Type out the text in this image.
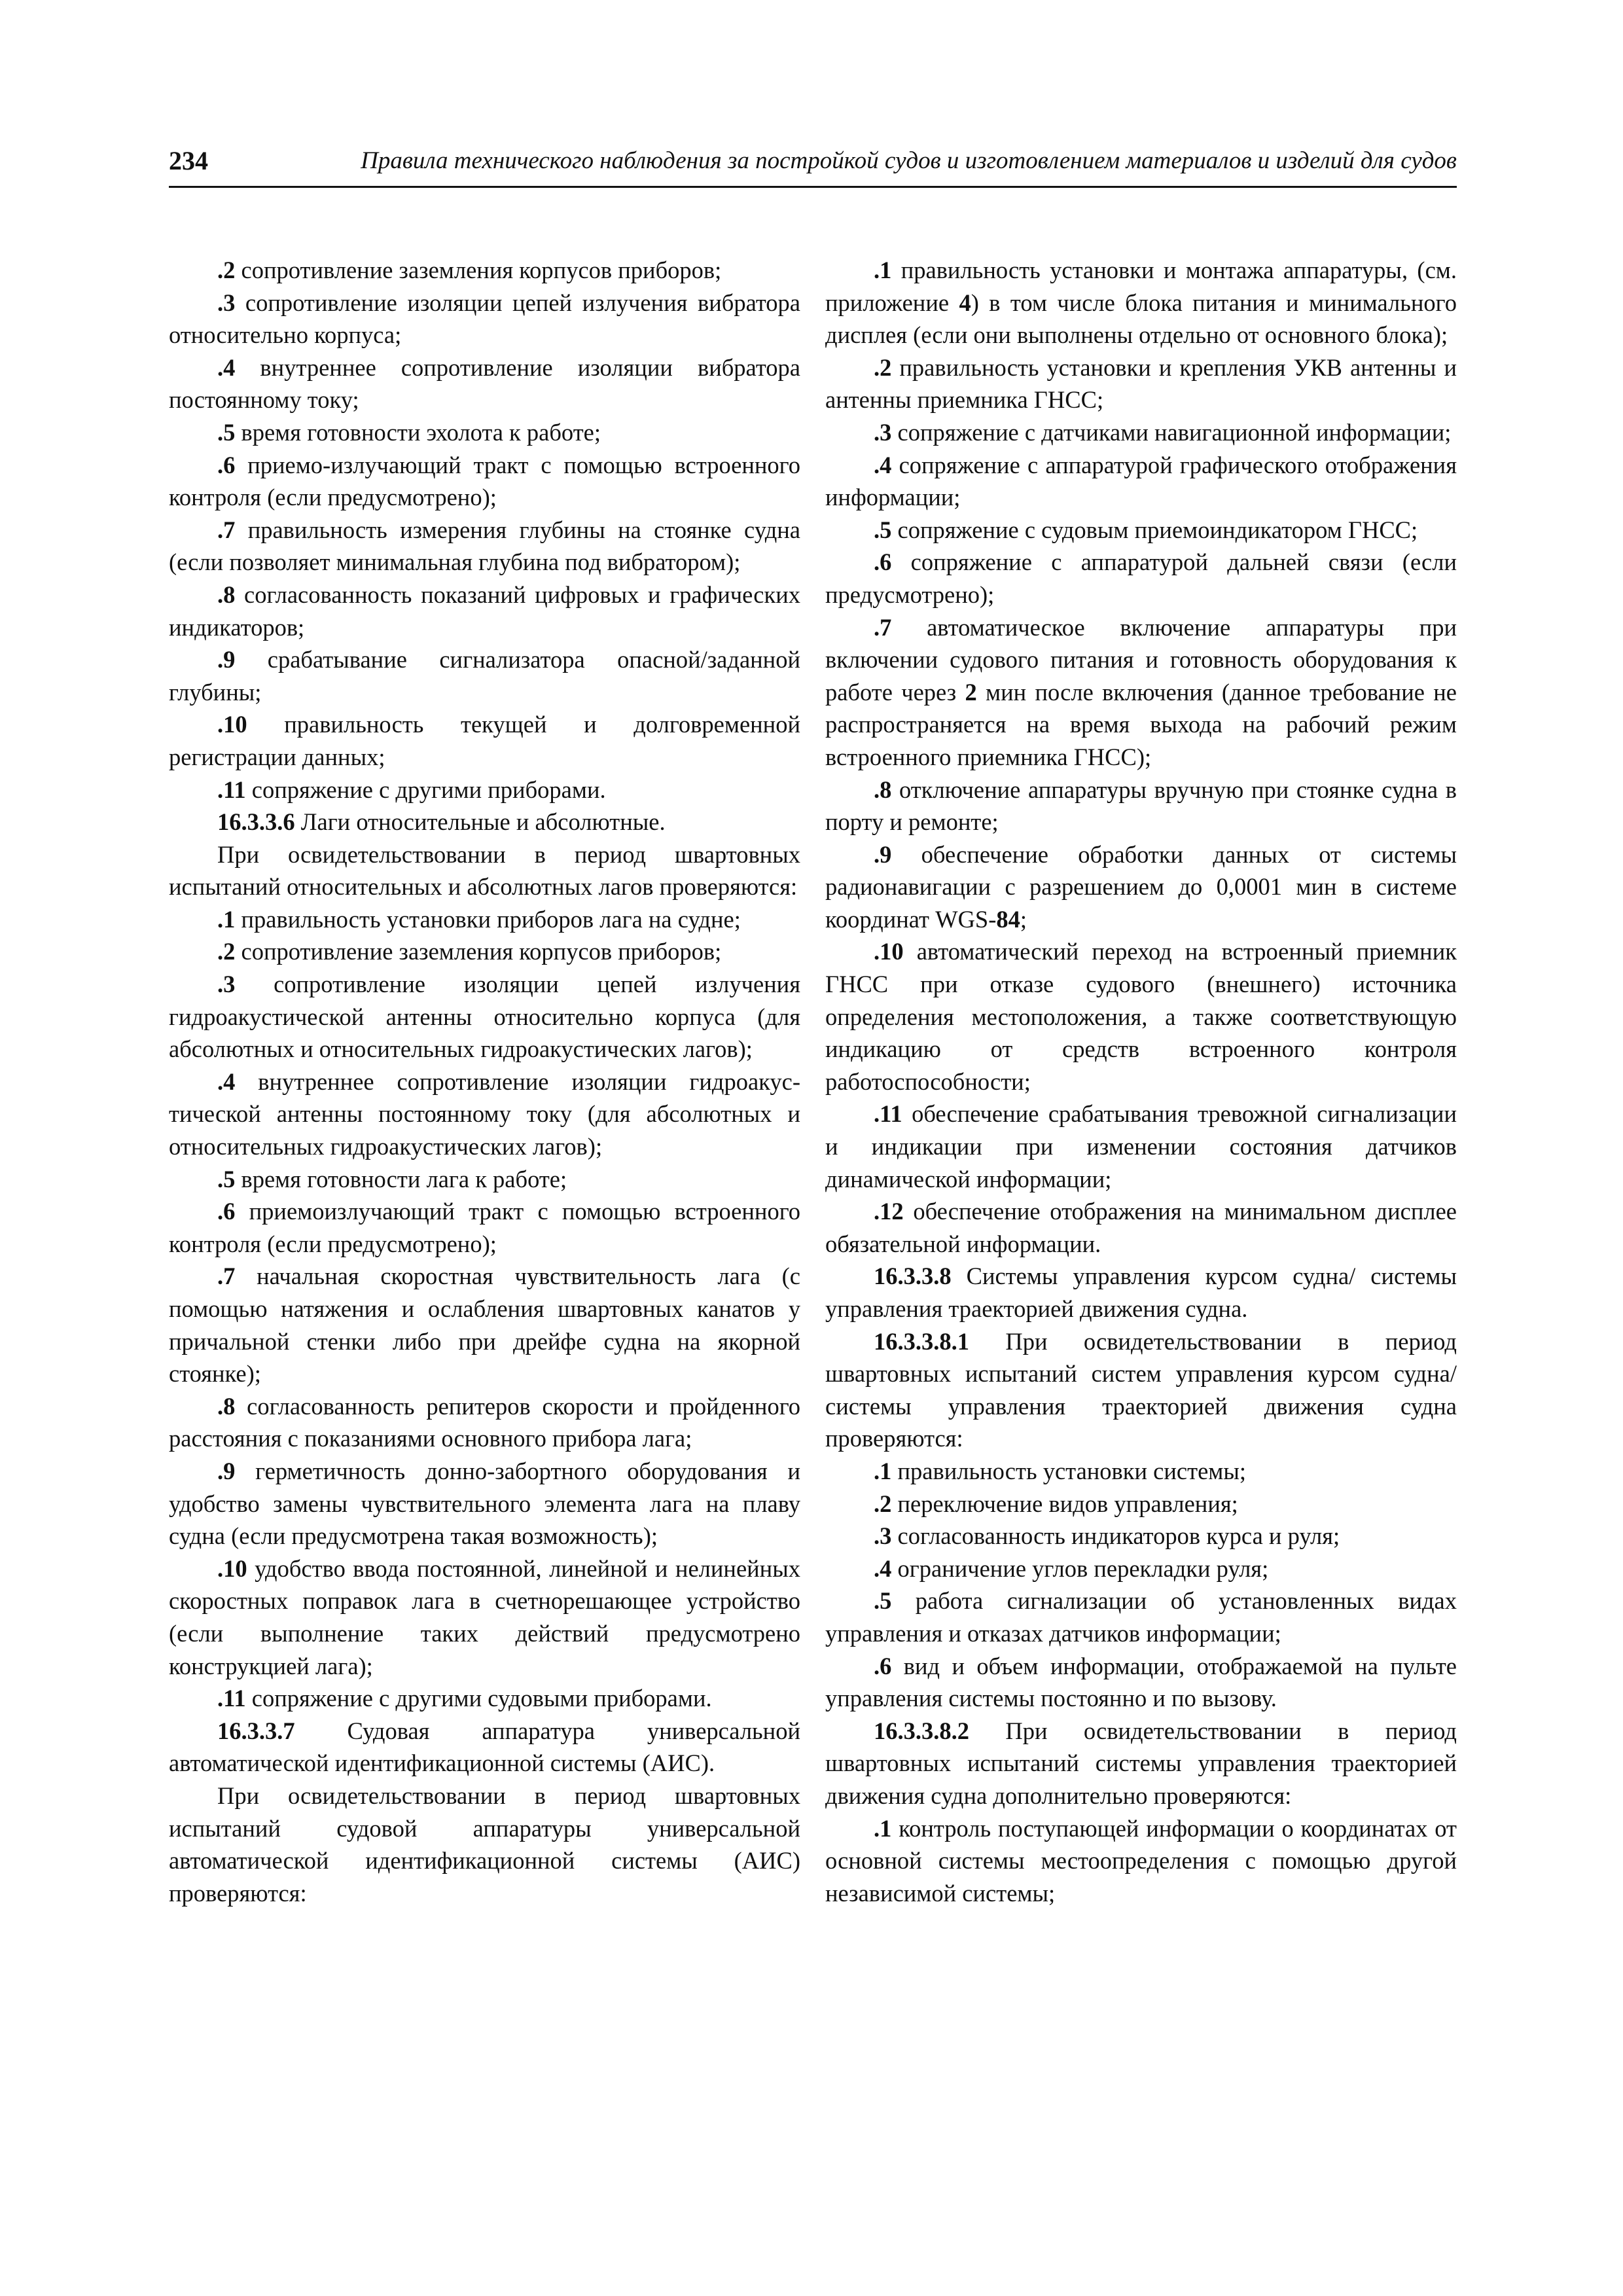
234	Правила технического наблюдения за постройкой судов и изготовлением материалов и изделий для судов

.2 сопротивление заземления корпусов приборов;

.3 сопротивление изоляции цепей излучения вибратора относительно корпуса;

.4 внутреннее сопротивление изоляции вибратора постоянному току;

.5 время готовности эхолота к работе;

.6 приемо-излучающий тракт с помощью встроенного контроля (если предусмотрено);

.7 правильность измерения глубины на стоянке судна (если позволяет минимальная глубина под вибратором);

.8 согласованность показаний цифровых и графических индикаторов;

.9 срабатывание сигнализатора опасной/заданной глубины;

.10 правильность текущей и долговременной регистрации данных;

.11 сопряжение с другими приборами.

16.3.3.6 Лаги относительные и абсолютные.

При освидетельствовании в период швартовных испытаний относительных и абсолютных лагов проверяются:

.1 правильность установки приборов лага на судне;

.2 сопротивление заземления корпусов приборов;

.3 сопротивление изоляции цепей излучения гидроакустической антенны относительно корпуса (для абсолютных и относительных гидроакустических лагов);

.4 внутреннее сопротивление изоляции гидроакустической антенны постоянному току (для абсолютных и относительных гидроакустических лагов);

.5 время готовности лага к работе;

.6 приемоизлучающий тракт с помощью встроенного контроля (если предусмотрено);

.7 начальная скоростная чувствительность лага (с помощью натяжения и ослабления швартовных канатов у причальной стенки либо при дрейфе судна на якорной стоянке);

.8 согласованность репитеров скорости и пройденного расстояния с показаниями основного прибора лага;

.9 герметичность донно-забортного оборудования и удобство замены чувствительного элемента лага на плаву судна (если предусмотрена такая возможность);

.10 удобство ввода постоянной, линейной и нелинейных скоростных поправок лага в счетнорешающее устройство (если выполнение таких действий предусмотрено конструкцией лага);

.11 сопряжение с другими судовыми приборами.

16.3.3.7 Судовая аппаратура универсальной автоматической идентификационной системы (АИС).

При освидетельствовании в период швартовных испытаний судовой аппаратуры универсальной автоматической идентификационной системы (АИС) проверяются:

.1 правильность установки и монтажа аппаратуры, (см. приложение 4) в том числе блока питания и минимального дисплея (если они выполнены отдельно от основного блока);

.2 правильность установки и крепления УКВ антенны и антенны приемника ГНСС;

.3 сопряжение с датчиками навигационной информации;

.4 сопряжение с аппаратурой графического отображения информации;

.5 сопряжение с судовым приемоиндикатором ГНСС;

.6 сопряжение с аппаратурой дальней связи (если предусмотрено);

.7 автоматическое включение аппаратуры при включении судового питания и готовность оборудования к работе через 2 мин после включения (данное требование не распространяется на время выхода на рабочий режим встроенного приемника ГНСС);

.8 отключение аппаратуры вручную при стоянке судна в порту и ремонте;

.9 обеспечение обработки данных от системы радионавигации с разрешением до 0,0001 мин в системе координат WGS-84;

.10 автоматический переход на встроенный приемник ГНСС при отказе судового (внешнего) источника определения местоположения, а также соответствующую индикацию от средств встроенного контроля работоспособности;

.11 обеспечение срабатывания тревожной сигнализации и индикации при изменении состояния датчиков динамической информации;

.12 обеспечение отображения на минимальном дисплее обязательной информации.

16.3.3.8 Системы управления курсом судна/ системы управления траекторией движения судна.

16.3.3.8.1 При освидетельствовании в период швартовных испытаний систем управления курсом судна/системы управления траекторией движения судна проверяются:

.1 правильность установки системы;

.2 переключение видов управления;

.3 согласованность индикаторов курса и руля;

.4 ограничение углов перекладки руля;

.5 работа сигнализации об установленных видах управления и отказах датчиков информации;

.6 вид и объем информации, отображаемой на пульте управления системы постоянно и по вызову.

16.3.3.8.2 При освидетельствовании в период швартовных испытаний системы управления траекторией движения судна дополнительно проверяются:

.1 контроль поступающей информации о координатах от основной системы местоопределения с помощью другой независимой системы;
